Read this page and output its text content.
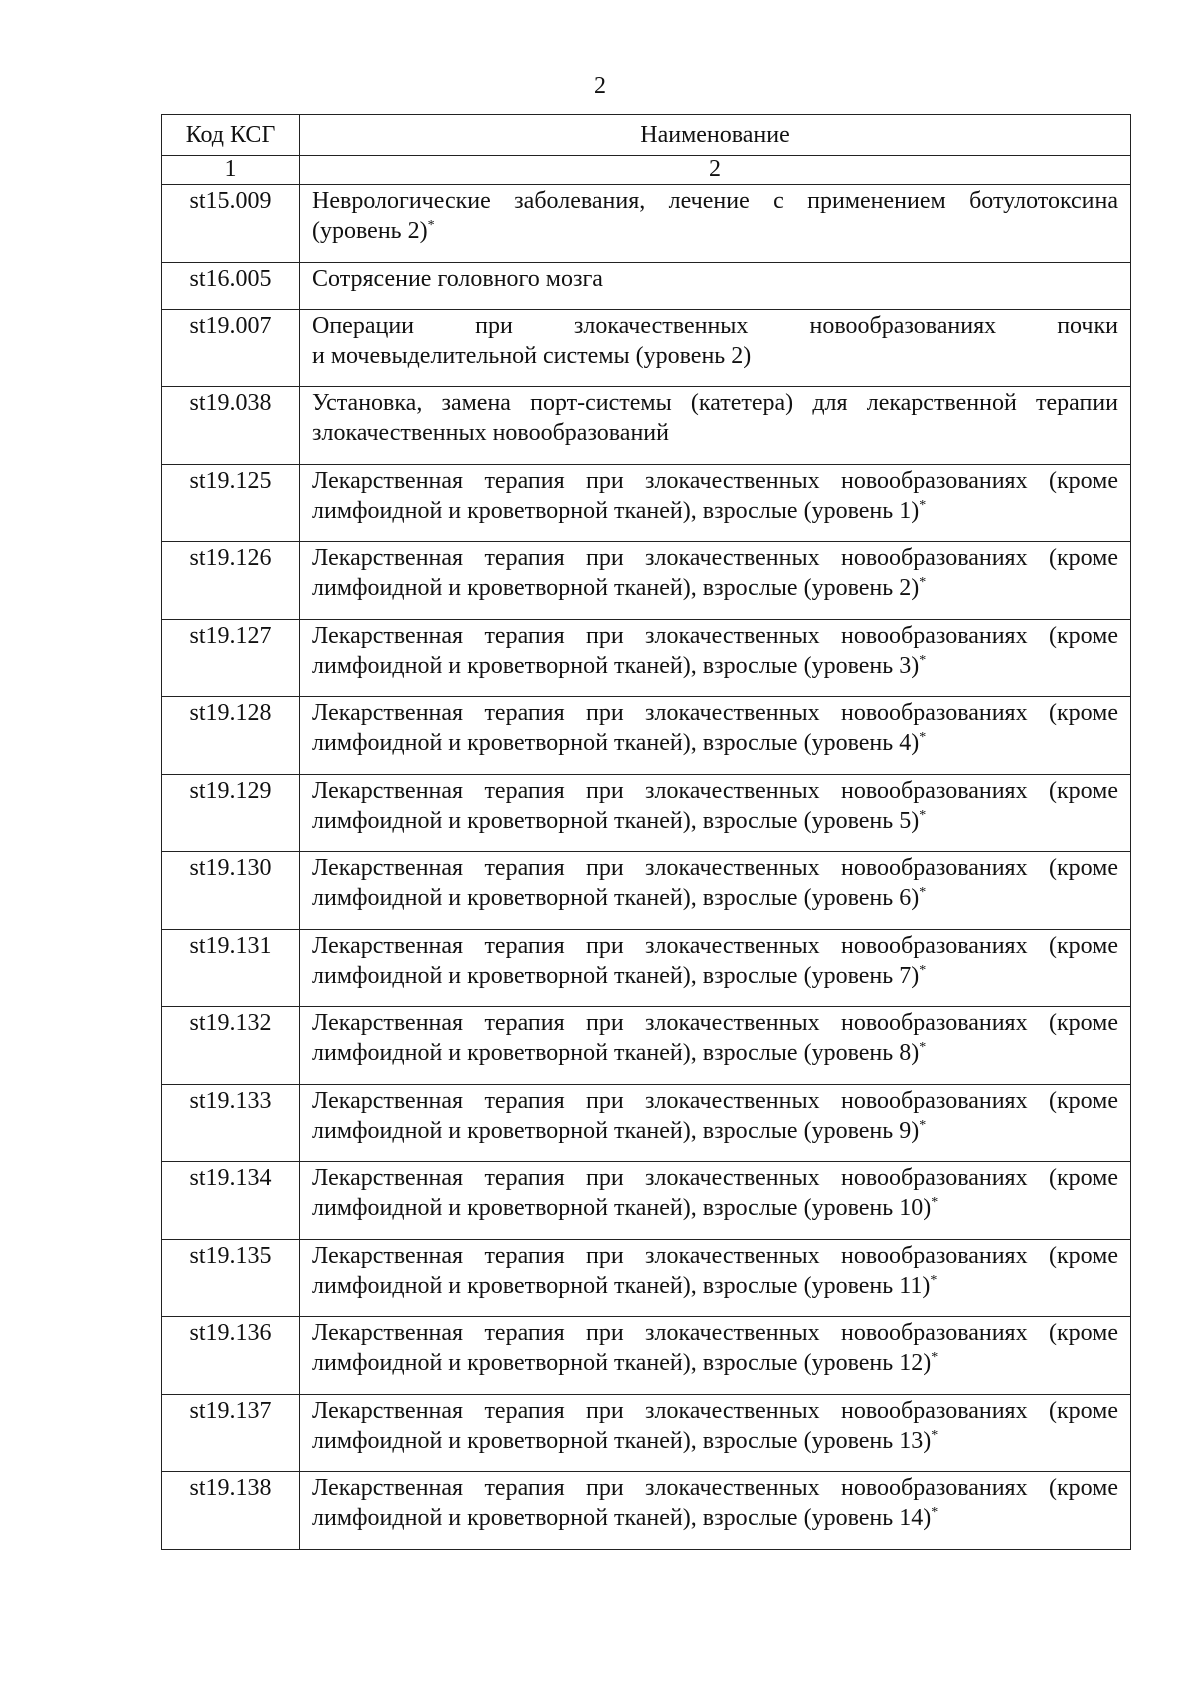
2
Код КСГ	Наименование
1	2
st15.009	Неврологические заболевания, лечение с применением ботулотоксина
(уровень 2)*

st16.005	Сотрясение головного мозга

st19.007	Операции при злокачественных новообразованиях почки
и мочевыделительной системы (уровень 2)

st19.038	Установка, замена порт-системы (катетера) для лекарственной терапии
злокачественных новообразований

st19.125	Лекарственная терапия при злокачественных новообразованиях (кроме
лимфоидной и кроветворной тканей), взрослые (уровень 1)*

st19.126	Лекарственная терапия при злокачественных новообразованиях (кроме
лимфоидной и кроветворной тканей), взрослые (уровень 2)*

st19.127	Лекарственная терапия при злокачественных новообразованиях (кроме
лимфоидной и кроветворной тканей), взрослые (уровень 3)*

st19.128	Лекарственная терапия при злокачественных новообразованиях (кроме
лимфоидной и кроветворной тканей), взрослые (уровень 4)*

st19.129	Лекарственная терапия при злокачественных новообразованиях (кроме
лимфоидной и кроветворной тканей), взрослые (уровень 5)*

st19.130	Лекарственная терапия при злокачественных новообразованиях (кроме
лимфоидной и кроветворной тканей), взрослые (уровень 6)*

st19.131	Лекарственная терапия при злокачественных новообразованиях (кроме
лимфоидной и кроветворной тканей), взрослые (уровень 7)*

st19.132	Лекарственная терапия при злокачественных новообразованиях (кроме
лимфоидной и кроветворной тканей), взрослые (уровень 8)*

st19.133	Лекарственная терапия при злокачественных новообразованиях (кроме
лимфоидной и кроветворной тканей), взрослые (уровень 9)*

st19.134	Лекарственная терапия при злокачественных новообразованиях (кроме
лимфоидной и кроветворной тканей), взрослые (уровень 10)*

st19.135	Лекарственная терапия при злокачественных новообразованиях (кроме
лимфоидной и кроветворной тканей), взрослые (уровень 11)*

st19.136	Лекарственная терапия при злокачественных новообразованиях (кроме
лимфоидной и кроветворной тканей), взрослые (уровень 12)*

st19.137	Лекарственная терапия при злокачественных новообразованиях (кроме
лимфоидной и кроветворной тканей), взрослые (уровень 13)*

st19.138	Лекарственная терапия при злокачественных новообразованиях (кроме
лимфоидной и кроветворной тканей), взрослые (уровень 14)*
